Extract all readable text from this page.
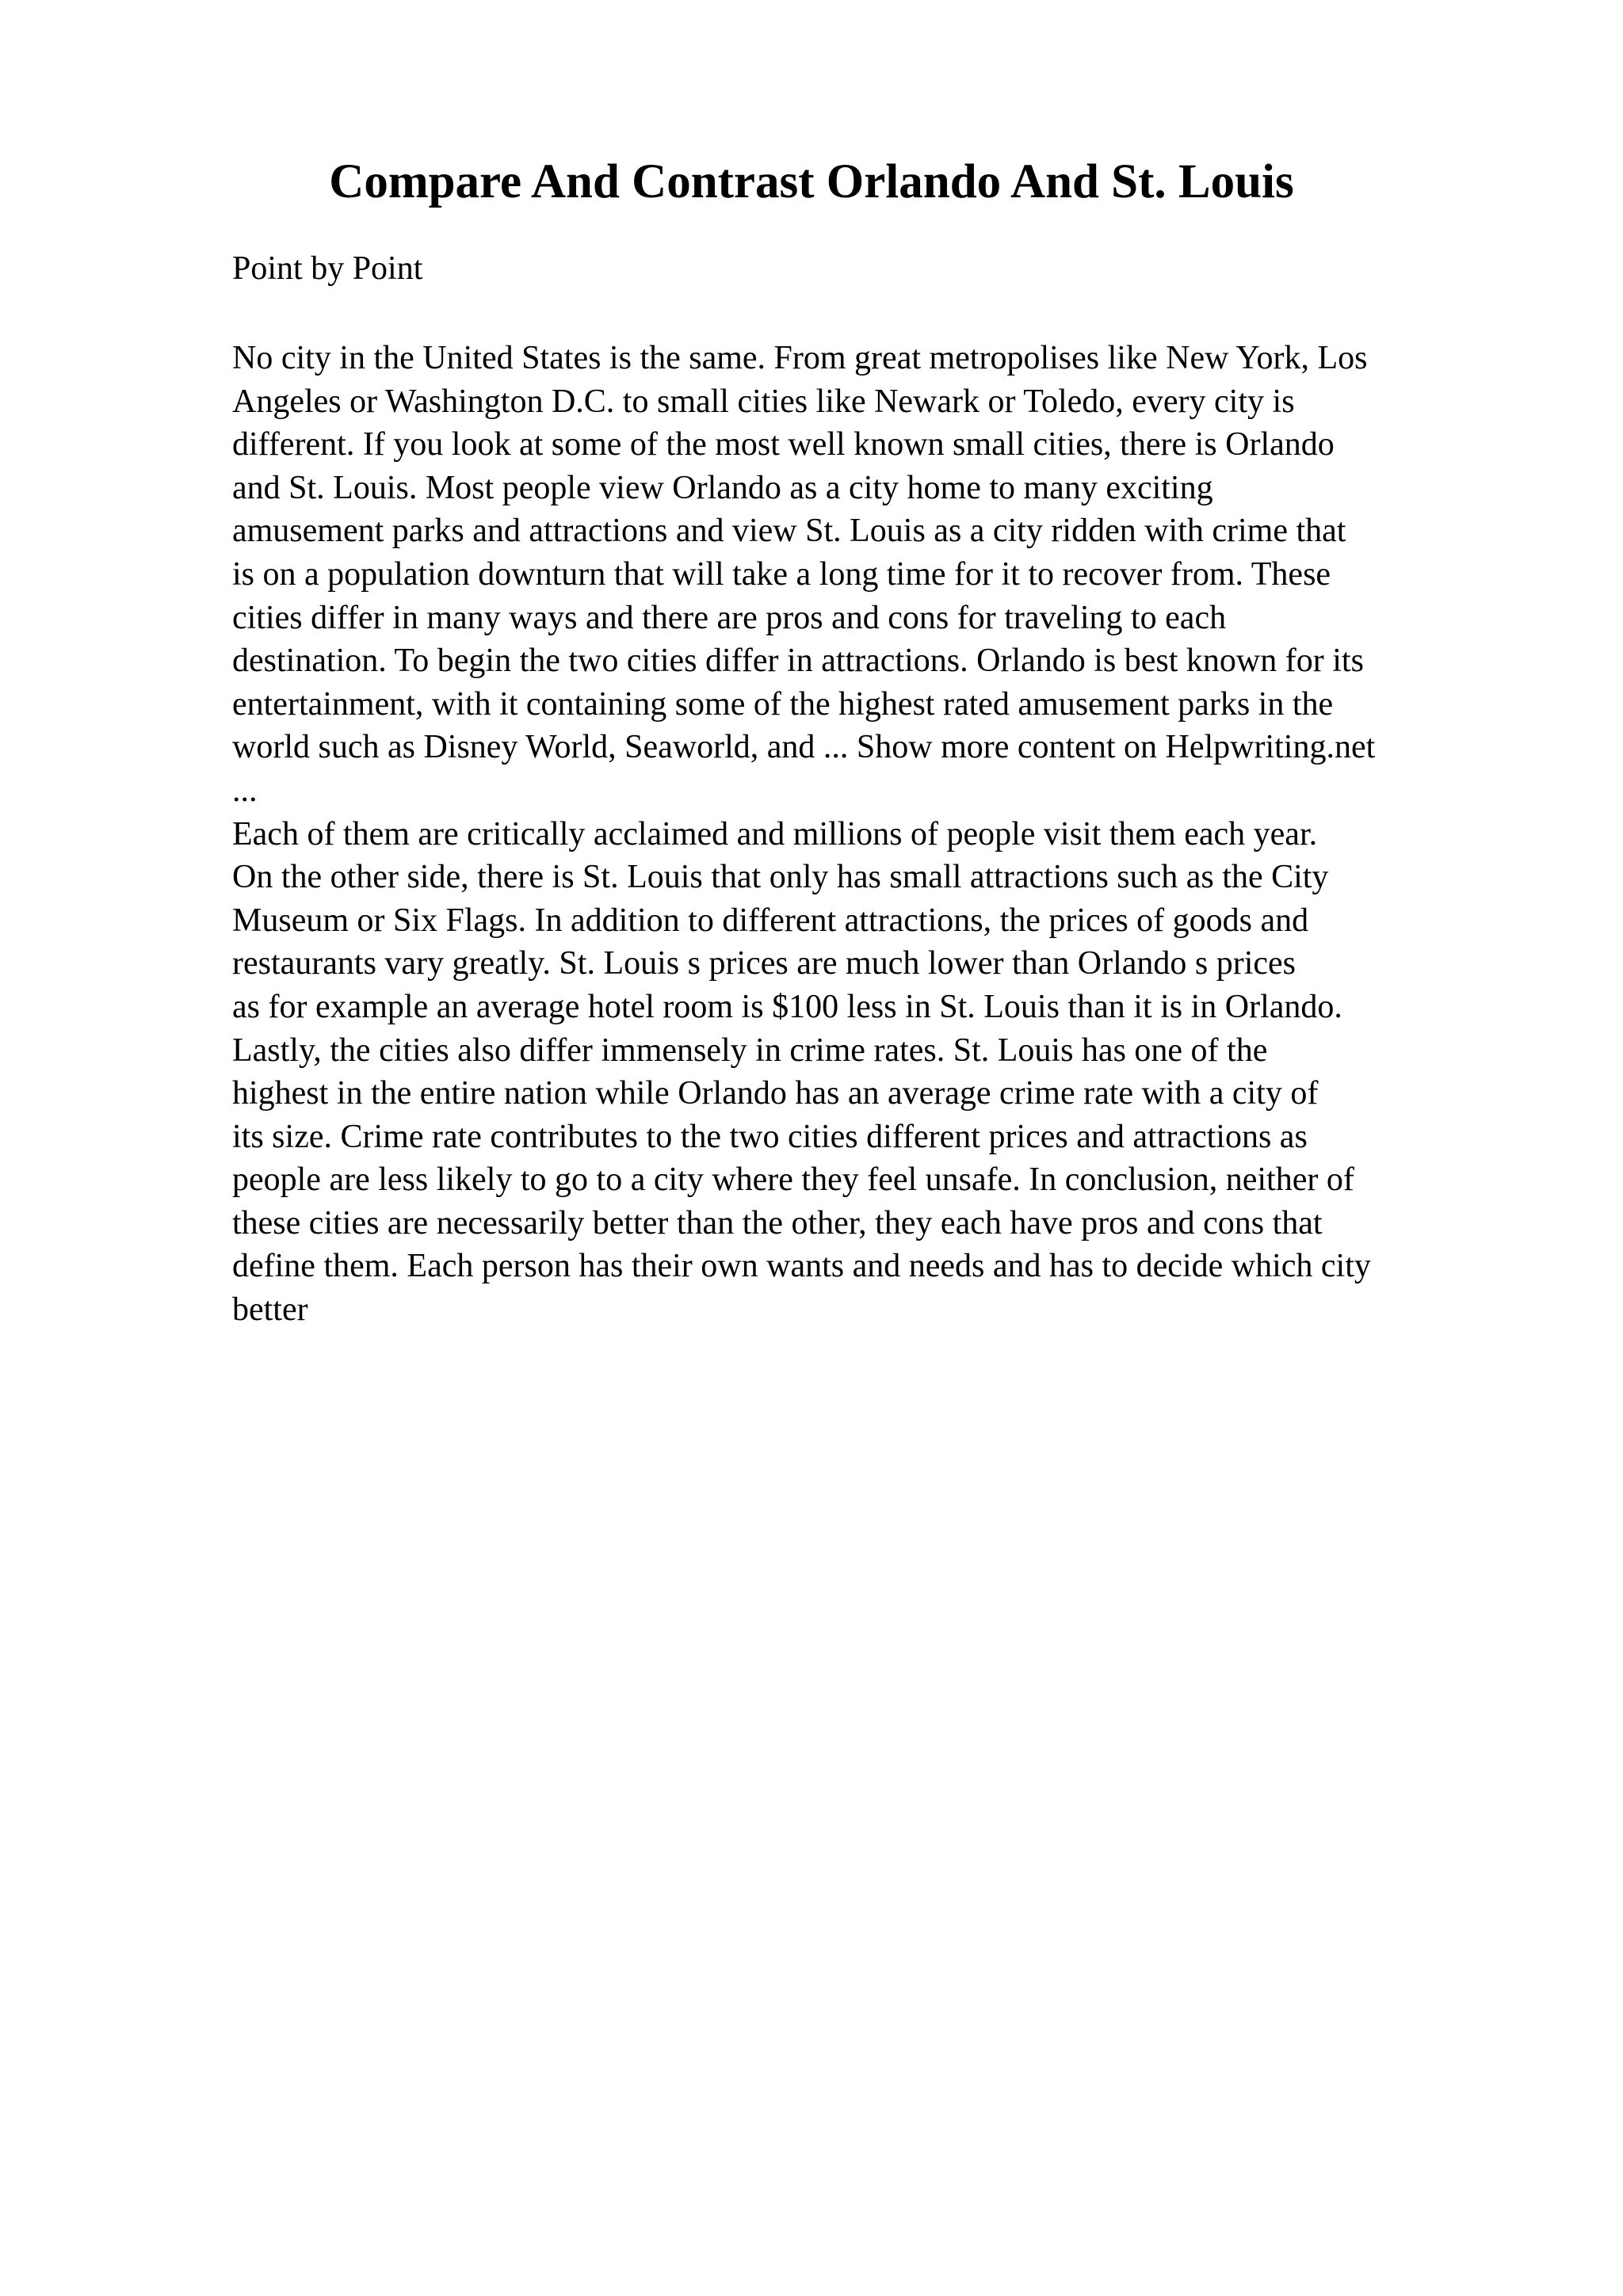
Compare And Contrast Orlando And St. Louis

Point by Point

No city in the United States is the same. From great metropolises like New York, Los
Angeles or Washington D.C. to small cities like Newark or Toledo, every city is
different. If you look at some of the most well known small cities, there is Orlando
and St. Louis. Most people view Orlando as a city home to many exciting
amusement parks and attractions and view St. Louis as a city ridden with crime that
is on a population downturn that will take a long time for it to recover from. These
cities differ in many ways and there are pros and cons for traveling to each
destination. To begin the two cities differ in attractions. Orlando is best known for its
entertainment, with it containing some of the highest rated amusement parks in the
world such as Disney World, Seaworld, and ... Show more content on Helpwriting.net
...
Each of them are critically acclaimed and millions of people visit them each year.
On the other side, there is St. Louis that only has small attractions such as the City
Museum or Six Flags. In addition to different attractions, the prices of goods and
restaurants vary greatly. St. Louis s prices are much lower than Orlando s prices
as for example an average hotel room is $100 less in St. Louis than it is in Orlando.
Lastly, the cities also differ immensely in crime rates. St. Louis has one of the
highest in the entire nation while Orlando has an average crime rate with a city of
its size. Crime rate contributes to the two cities different prices and attractions as
people are less likely to go to a city where they feel unsafe. In conclusion, neither of
these cities are necessarily better than the other, they each have pros and cons that
define them. Each person has their own wants and needs and has to decide which city
better
